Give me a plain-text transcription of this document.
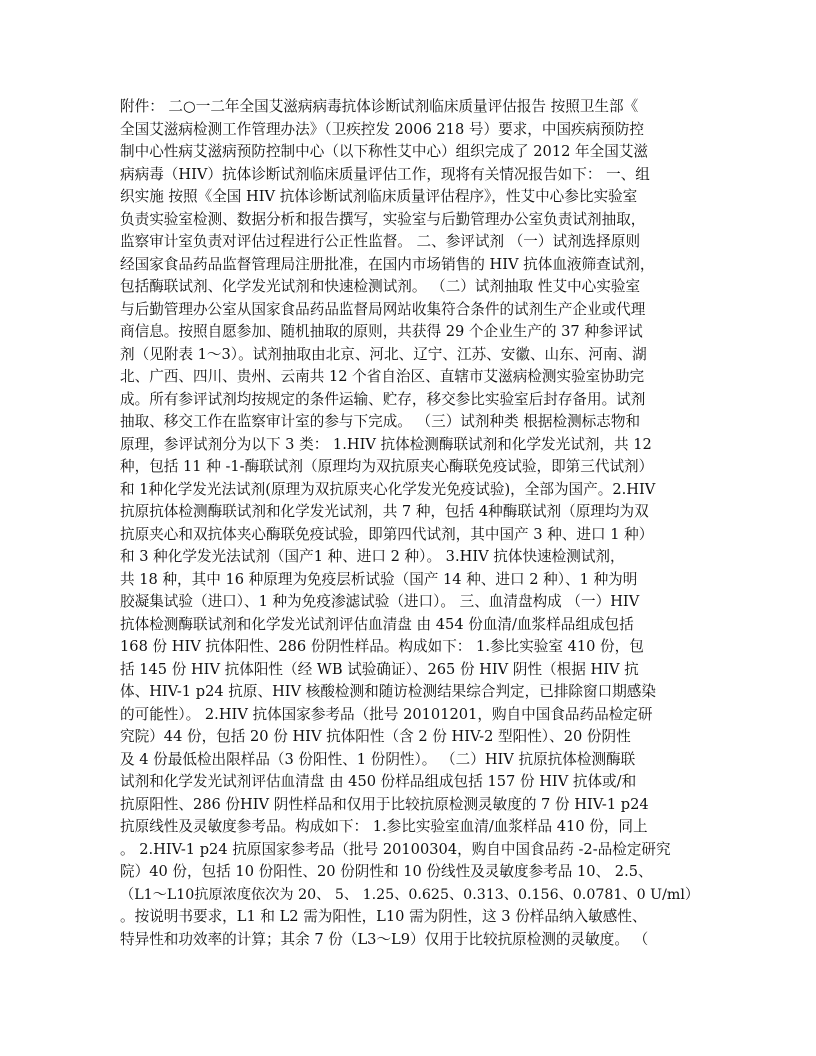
附件： 二○一二年全国艾滋病病毒抗体诊断试剂临床质量评估报告 按照卫生部《
全国艾滋病检测工作管理办法》（卫疾控发 2006 218 号）要求，中国疾病预防控
制中心性病艾滋病预防控制中心（以下称性艾中心）组织完成了 2012 年全国艾滋
病病毒（HIV）抗体诊断试剂临床质量评估工作，现将有关情况报告如下： 一、组
织实施 按照《全国 HIV 抗体诊断试剂临床质量评估程序》，性艾中心参比实验室
负责实验室检测、数据分析和报告撰写，实验室与后勤管理办公室负责试剂抽取，
监察审计室负责对评估过程进行公正性监督。 二、参评试剂 （一）试剂选择原则
经国家食品药品监督管理局注册批准，在国内市场销售的 HIV 抗体血液筛查试剂，
包括酶联试剂、化学发光试剂和快速检测试剂。 （二）试剂抽取 性艾中心实验室
与后勤管理办公室从国家食品药品监督局网站收集符合条件的试剂生产企业或代理
商信息。按照自愿参加、随机抽取的原则，共获得 29 个企业生产的 37 种参评试
剂（见附表 1～3）。试剂抽取由北京、河北、辽宁、江苏、安徽、山东、河南、湖
北、广西、四川、贵州、云南共 12 个省自治区、直辖市艾滋病检测实验室协助完
成。所有参评试剂均按规定的条件运输、贮存，移交参比实验室后封存备用。试剂
抽取、移交工作在监察审计室的参与下完成。 （三）试剂种类 根据检测标志物和
原理，参评试剂分为以下 3 类： 1.HIV 抗体检测酶联试剂和化学发光试剂，共 12
种，包括 11 种 -1-酶联试剂（原理均为双抗原夹心酶联免疫试验，即第三代试剂）
和 1种化学发光法试剂(原理为双抗原夹心化学发光免疫试验)，全部为国产。2.HIV
抗原抗体检测酶联试剂和化学发光试剂，共 7 种，包括 4种酶联试剂（原理均为双
抗原夹心和双抗体夹心酶联免疫试验，即第四代试剂，其中国产 3 种、进口 1 种）
和 3 种化学发光法试剂（国产1 种、进口 2 种）。 3.HIV 抗体快速检测试剂，
共 18 种，其中 16 种原理为免疫层析试验（国产 14 种、进口 2 种）、1 种为明
胶凝集试验（进口）、1 种为免疫渗滤试验（进口）。 三、血清盘构成 （一）HIV
抗体检测酶联试剂和化学发光试剂评估血清盘 由 454 份血清/血浆样品组成包括
168 份 HIV 抗体阳性、286 份阴性样品。构成如下： 1.参比实验室 410 份，包
括 145 份 HIV 抗体阳性（经 WB 试验确证）、265 份 HIV 阴性（根据 HIV 抗
体、HIV-1 p24 抗原、HIV 核酸检测和随访检测结果综合判定，已排除窗口期感染
的可能性）。 2.HIV 抗体国家参考品（批号 20101201，购自中国食品药品检定研
究院）44 份，包括 20 份 HIV 抗体阳性（含 2 份 HIV-2 型阳性）、20 份阴性
及 4 份最低检出限样品（3 份阳性、1 份阴性）。 （二）HIV 抗原抗体检测酶联
试剂和化学发光试剂评估血清盘 由 450 份样品组成包括 157 份 HIV 抗体或/和
抗原阳性、286 份HIV 阴性样品和仅用于比较抗原检测灵敏度的 7 份 HIV-1 p24
抗原线性及灵敏度参考品。构成如下： 1.参比实验室血清/血浆样品 410 份，同上
。 2.HIV-1 p24 抗原国家参考品（批号 20100304，购自中国食品药 -2-品检定研究
院）40 份，包括 10 份阳性、20 份阴性和 10 份线性及灵敏度参考品 10、 2.5、
（L1～L10抗原浓度依次为 20、 5、 1.25、0.625、0.313、0.156、0.0781、0 U/ml）
。按说明书要求，L1 和 L2 需为阳性，L10 需为阴性，这 3 份样品纳入敏感性、
特异性和功效率的计算；其余 7 份（L3～L9）仅用于比较抗原检测的灵敏度。 （
